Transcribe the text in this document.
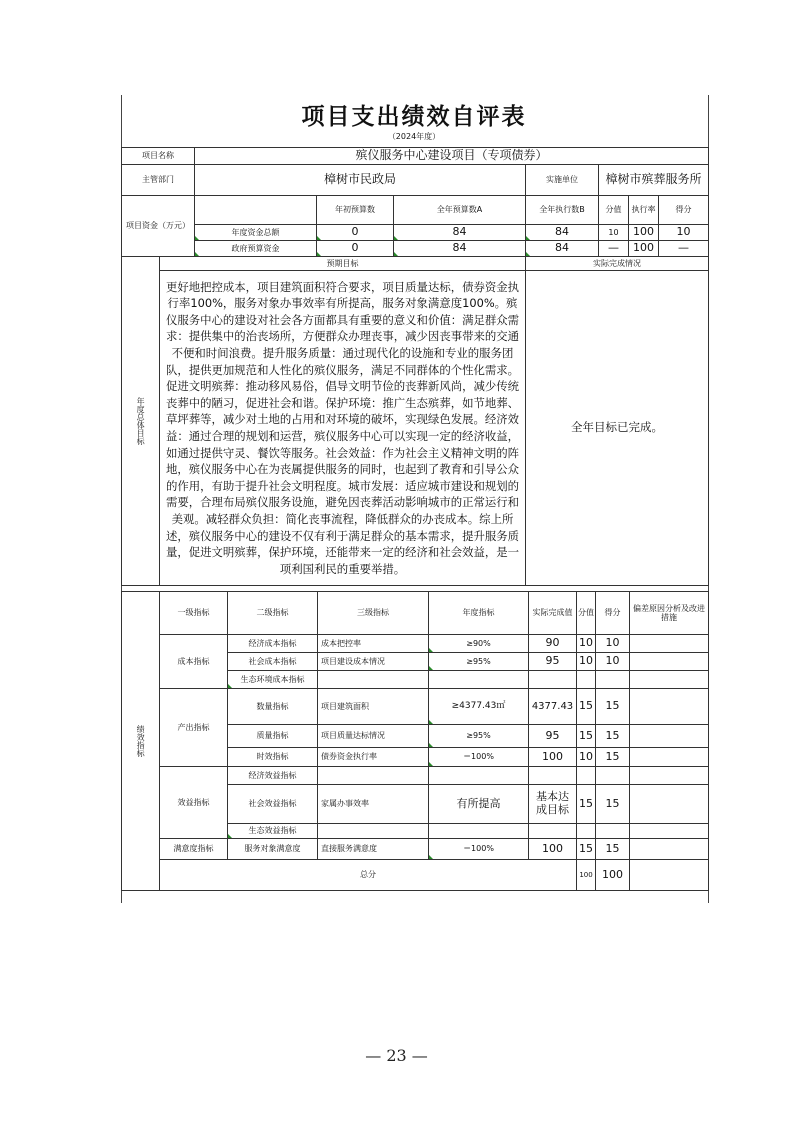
项目支出绩效自评表
（2024年度）
项目名称		殡仪服务中心建设项目（专项债券）						
主管部门		樟树市民政局			实施单位	樟树市殡葬服务所		
项目资金（万元）			年初预算数	全年预算数A	全年执行数B	分值	执行率	得分
		年度资金总额	0	84	84	10	100	10
		政府预算资金	0	84	84	—	100	—

年度总体目标	预期目标				实际完成情况			
	更好地把控成本，项目建筑面积符合要求，项目质量达标，债券资金执行率100%，服务对象办事效率有所提高，服务对象满意度100%。殡仪服务中心的建设对社会各方面都具有重要的意义和价值：满足群众需求：提供集中的治丧场所，方便群众办理丧事，减少因丧事带来的交通不便和时间浪费。提升服务质量：通过现代化的设施和专业的服务团队，提供更加规范和人性化的殡仪服务，满足不同群体的个性化需求。促进文明殡葬：推动移风易俗，倡导文明节俭的丧葬新风尚，减少传统丧葬中的陋习，促进社会和谐。保护环境：推广生态殡葬，如节地葬、草坪葬等，减少对土地的占用和对环境的破坏，实现绿色发展。经济效益：通过合理的规划和运营，殡仪服务中心可以实现一定的经济收益，如通过提供守灵、餐饮等服务。社会效益：作为社会主义精神文明的阵地，殡仪服务中心在为丧属提供服务的同时，也起到了教育和引导公众的作用，有助于提升社会文明程度。城市发展：适应城市建设和规划的需要，合理布局殡仪服务设施，避免因丧葬活动影响城市的正常运行和美观。减轻群众负担：简化丧事流程，降低群众的办丧成本。综上所述，殡仪服务中心的建设不仅有利于满足群众的基本需求，提升服务质量，促进文明殡葬，保护环境，还能带来一定的经济和社会效益，是一项利国利民的重要举措。				全年目标已完成。			
绩效指标	一级指标	二级指标	三级指标	年度指标	实际完成值	分值	得分	偏差原因分析及改进措施
	成本指标	经济成本指标	成本把控率	≥90%	90	10	10	
		社会成本指标	项目建设成本情况	≥95%	95	10	10	
		生态环境成本指标						
	产出指标	数量指标	项目建筑面积	≥4377.43㎡	4377.43	15	15	
		质量指标	项目质量达标情况	≥95%	95	15	15	
		时效指标	债券资金执行率	＝100%	100	10	15	
	效益指标	经济效益指标						
		社会效益指标	家属办事效率	有所提高	基本达成目标	15	15	
		生态效益指标						
	满意度指标	服务对象满意度	直接服务满意度	＝100%	100	15	15	
	总分					100	100	
— 23 —
